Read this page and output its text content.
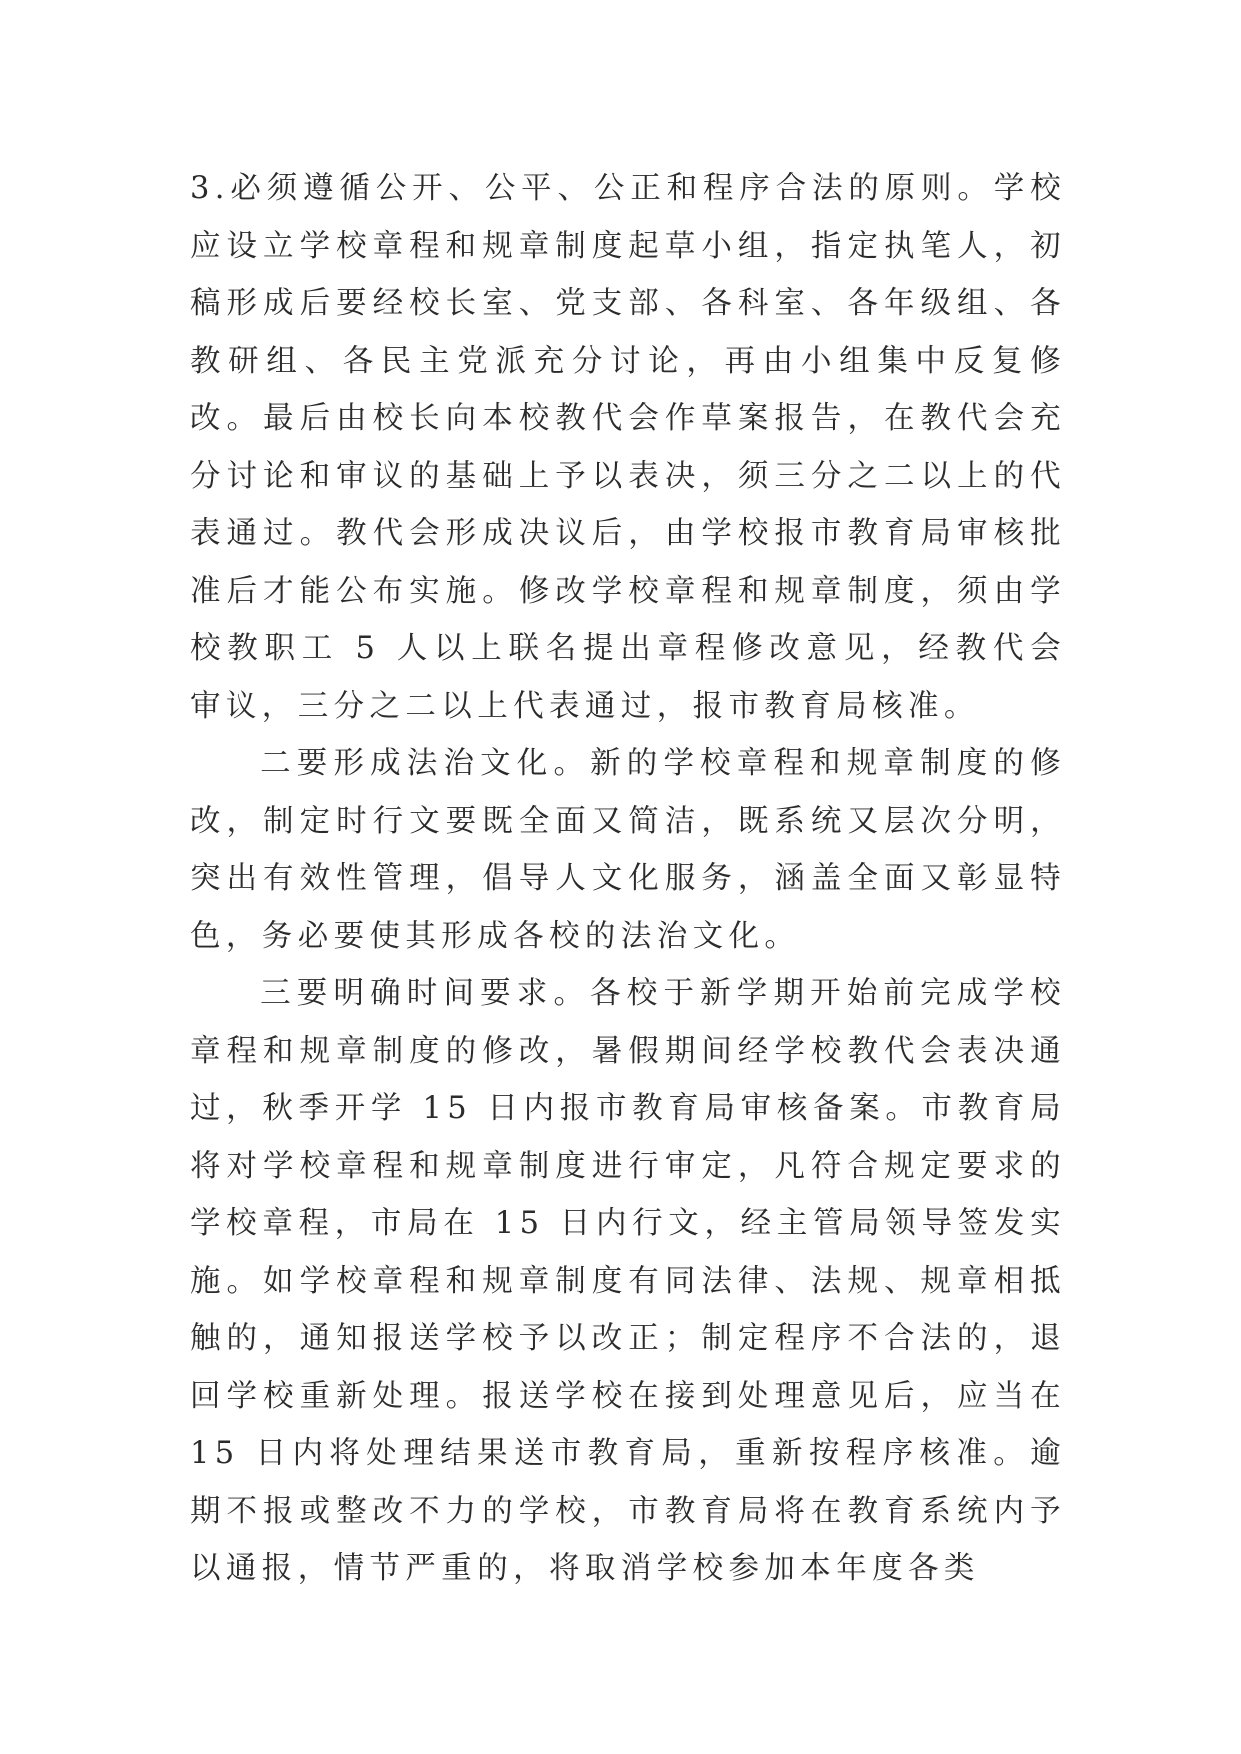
3.必须遵循公开、公平、公正和程序合法的原则。学校应设立学校章程和规章制度起草小组，指定执笔人，初稿形成后要经校长室、党支部、各科室、各年级组、各教研组、各民主党派充分讨论，再由小组集中反复修改。最后由校长向本校教代会作草案报告，在教代会充分讨论和审议的基础上予以表决，须三分之二以上的代表通过。教代会形成决议后，由学校报市教育局审核批准后才能公布实施。修改学校章程和规章制度，须由学校教职工 5 人以上联名提出章程修改意见，经教代会审议，三分之二以上代表通过，报市教育局核准。

二要形成法治文化。新的学校章程和规章制度的修改，制定时行文要既全面又简洁，既系统又层次分明，突出有效性管理，倡导人文化服务，涵盖全面又彰显特色，务必要使其形成各校的法治文化。

三要明确时间要求。各校于新学期开始前完成学校章程和规章制度的修改，暑假期间经学校教代会表决通过，秋季开学 15 日内报市教育局审核备案。市教育局将对学校章程和规章制度进行审定，凡符合规定要求的学校章程，市局在 15 日内行文，经主管局领导签发实施。如学校章程和规章制度有同法律、法规、规章相抵触的，通知报送学校予以改正；制定程序不合法的，退回学校重新处理。报送学校在接到处理意见后，应当在 15 日内将处理结果送市教育局，重新按程序核准。逾期不报或整改不力的学校，市教育局将在教育系统内予以通报，情节严重的，将取消学校参加本年度各类
